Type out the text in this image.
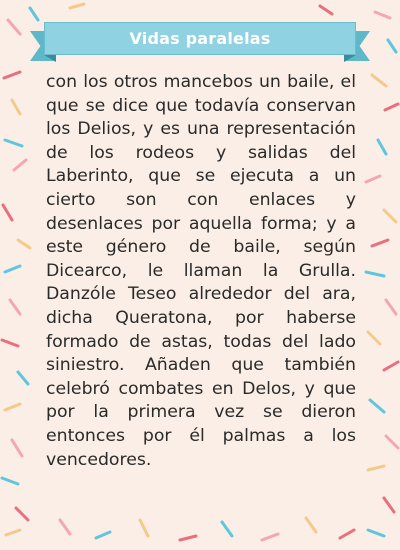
Vidas paralelas

con los otros mancebos un baile, el que se dice que todavía conservan los Delios, y es una representación de los rodeos y salidas del Laberinto, que se ejecuta a un cierto son con enlaces y desenlaces por aquella forma; y a este género de baile, según Dicearco, le llaman la Grulla. Danzóle Teseo alrededor del ara, dicha Queratona, por haberse formado de astas, todas del lado siniestro. Añaden que también celebró combates en Delos, y que por la primera vez se dieron entonces por él palmas a los vencedores.
